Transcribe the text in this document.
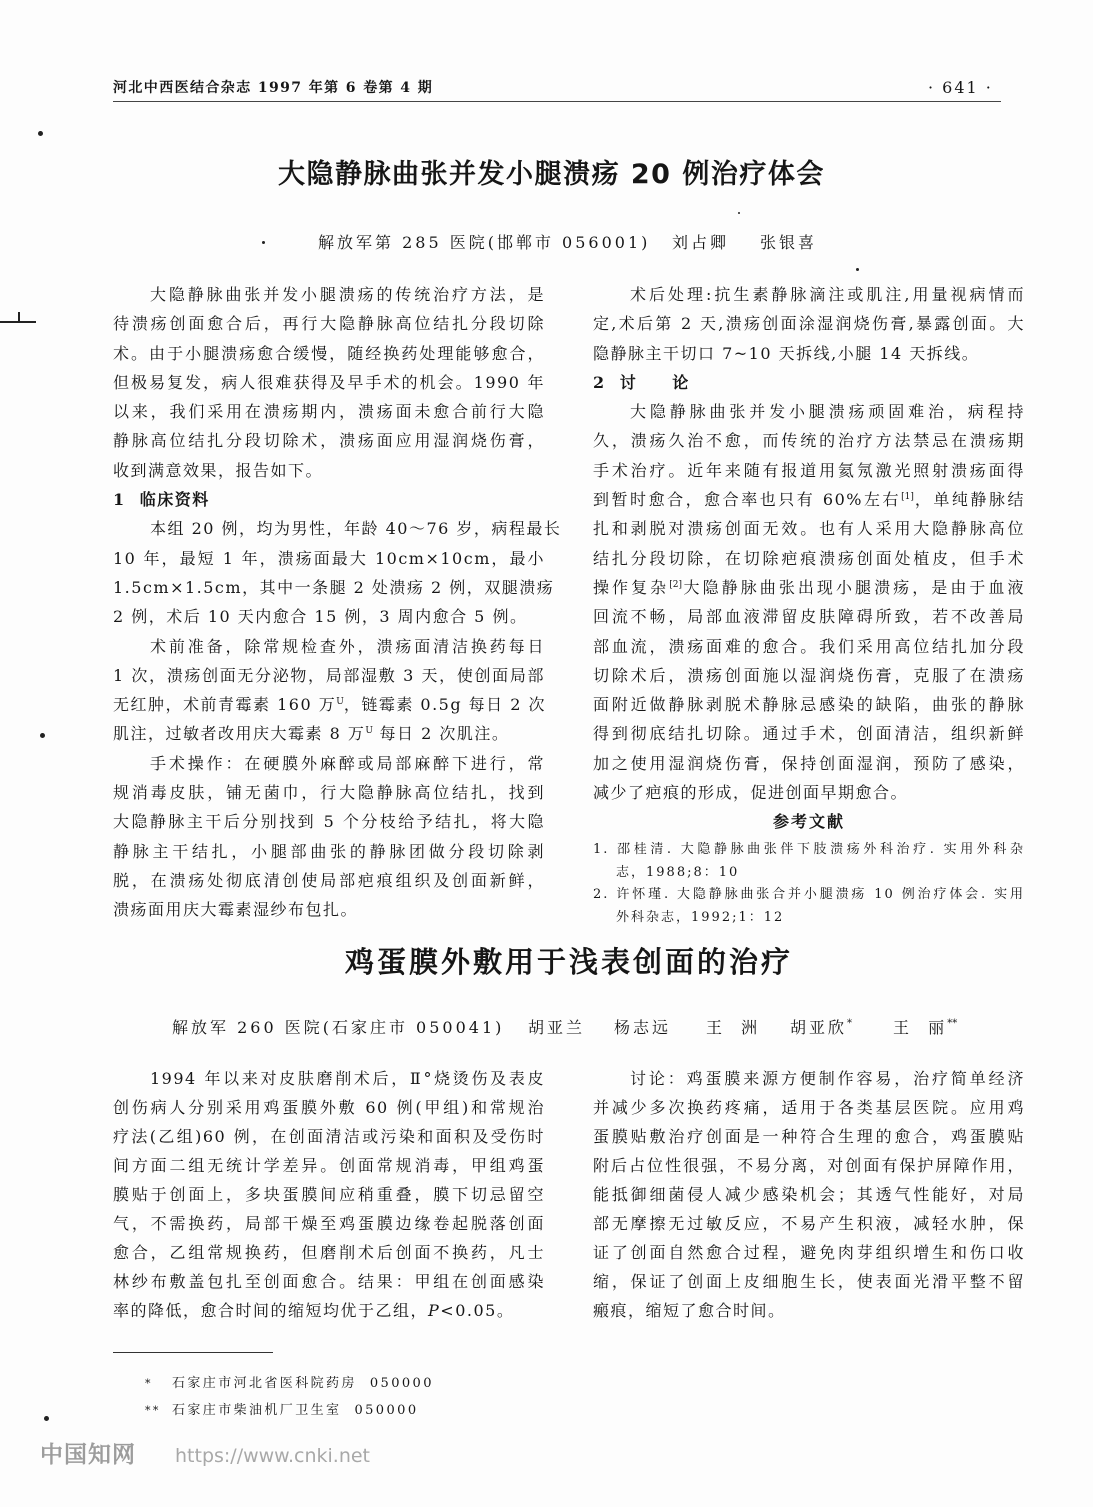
河北中西医结合杂志 1997 年第 6 卷第 4 期	· 641 ·
大隐静脉曲张并发小腿溃疡 20 例治疗体会
解放军第 285 医院(邯郸市 056001) 刘占卿 张银喜
大隐静脉曲张并发小腿溃疡的传统治疗方法，是
待溃疡创面愈合后，再行大隐静脉高位结扎分段切除
术。由于小腿溃疡愈合缓慢，随经换药处理能够愈合，
但极易复发，病人很难获得及早手术的机会。1990 年
以来，我们采用在溃疡期内，溃疡面未愈合前行大隐
静脉高位结扎分段切除术，溃疡面应用湿润烧伤膏，
收到满意效果，报告如下。
1  临床资料
本组 20 例，均为男性，年龄 40～76 岁，病程最长
10 年，最短 1 年，溃疡面最大 10cm×10cm，最小
1.5cm×1.5cm，其中一条腿 2 处溃疡 2 例，双腿溃疡
2 例，术后 10 天内愈合 15 例，3 周内愈合 5 例。
术前准备，除常规检查外，溃疡面清洁换药每日
1 次，溃疡创面无分泌物，局部湿敷 3 天，使创面局部
无红肿，术前青霉素 160 万$^U$，链霉素 0.5g 每日 2 次
肌注，过敏者改用庆大霉素 8 万$^U$ 每日 2 次肌注。
手术操作：在硬膜外麻醉或局部麻醉下进行，常
规消毒皮肤，铺无菌巾，行大隐静脉高位结扎，找到
大隐静脉主干后分别找到 5 个分枝给予结扎，将大隐
静脉主干结扎，小腿部曲张的静脉团做分段切除剥
脱，在溃疡处彻底清创使局部疤痕组织及创面新鲜，
溃疡面用庆大霉素湿纱布包扎。
术后处理:抗生素静脉滴注或肌注,用量视病情而
定,术后第 2 天,溃疡创面涂湿润烧伤膏,暴露创面。大
隐静脉主干切口 7~10 天拆线,小腿 14 天拆线。
2  讨　　论
大隐静脉曲张并发小腿溃疡顽固难治，病程持
久，溃疡久治不愈，而传统的治疗方法禁忌在溃疡期
手术治疗。近年来随有报道用氦氖激光照射溃疡面得
到暂时愈合，愈合率也只有 60%左右[1]，单纯静脉结
扎和剥脱对溃疡创面无效。也有人采用大隐静脉高位
结扎分段切除，在切除疤痕溃疡创面处植皮，但手术
操作复杂[2]大隐静脉曲张出现小腿溃疡，是由于血液
回流不畅，局部血液滞留皮肤障碍所致，若不改善局
部血流，溃疡面难的愈合。我们采用高位结扎加分段
切除术后，溃疡创面施以湿润烧伤膏，克服了在溃疡
面附近做静脉剥脱术静脉忌感染的缺陷，曲张的静脉
得到彻底结扎切除。通过手术，创面清洁，组织新鲜
加之使用湿润烧伤膏，保持创面湿润，预防了感染，
减少了疤痕的形成，促进创面早期愈合。
参考文献
1. 邵桂清. 大隐静脉曲张伴下肢溃疡外科治疗. 实用外科杂
志，1988;8：10
2. 许怀瑾. 大隐静脉曲张合并小腿溃疡 10 例治疗体会. 实用
外科杂志，1992;1：12
鸡蛋膜外敷用于浅表创面的治疗
解放军 260 医院(石家庄市 050041) 胡亚兰 杨志远 王  洲 胡亚欣*	王  丽**
1994 年以来对皮肤磨削术后，Ⅱ°烧烫伤及表皮
创伤病人分别采用鸡蛋膜外敷 60 例(甲组)和常规治
疗法(乙组)60 例，在创面清洁或污染和面积及受伤时
间方面二组无统计学差异。创面常规消毒，甲组鸡蛋
膜贴于创面上，多块蛋膜间应稍重叠，膜下切忌留空
气，不需换药，局部干燥至鸡蛋膜边缘卷起脱落创面
愈合，乙组常规换药，但磨削术后创面不换药，凡士
林纱布敷盖包扎至创面愈合。结果：甲组在创面感染
率的降低，愈合时间的缩短均优于乙组，P<0.05。
讨论：鸡蛋膜来源方便制作容易，治疗简单经济
并减少多次换药疼痛，适用于各类基层医院。应用鸡
蛋膜贴敷治疗创面是一种符合生理的愈合，鸡蛋膜贴
附后占位性很强，不易分离，对创面有保护屏障作用，
能抵御细菌侵人减少感染机会；其透气性能好，对局
部无摩擦无过敏反应，不易产生积液，减轻水肿，保
证了创面自然愈合过程，避免肉芽组织增生和伤口收
缩，保证了创面上皮细胞生长，使表面光滑平整不留
瘢痕，缩短了愈合时间。
* 石家庄市河北省医科院药房  050000
** 石家庄市柴油机厂卫生室  050000
中国知网 https://www.cnki.net
